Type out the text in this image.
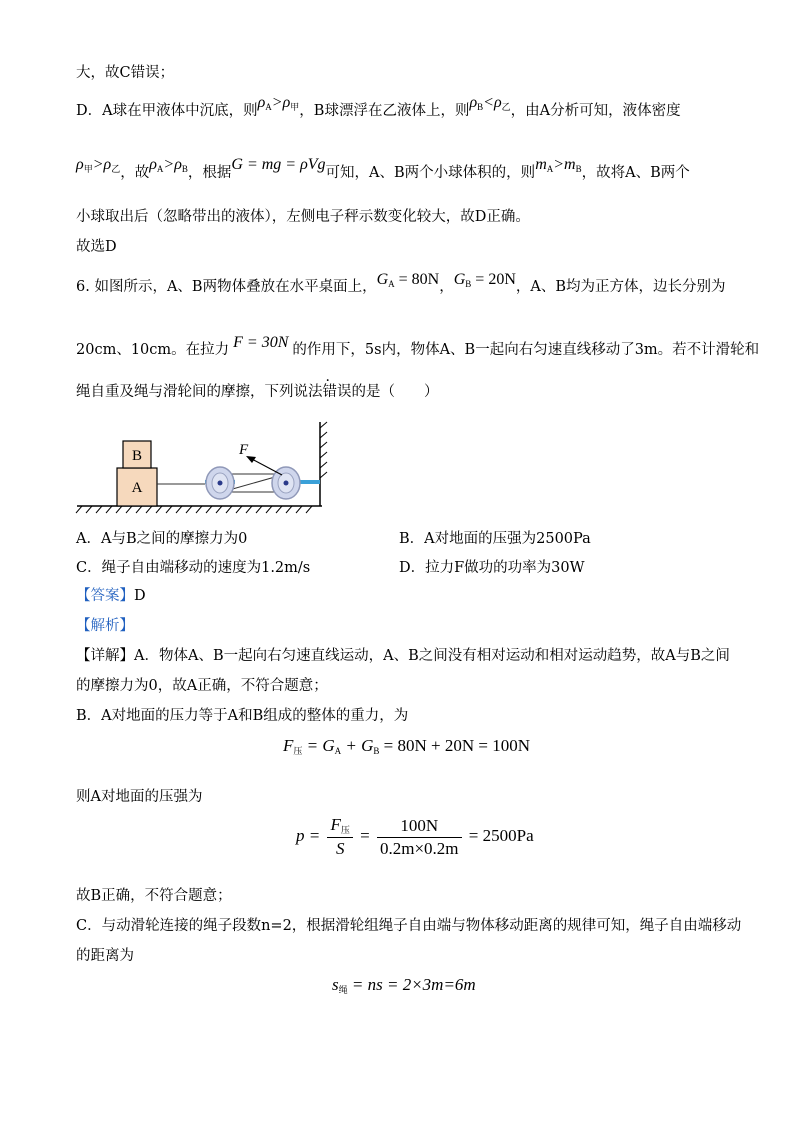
大，故C错误；
D．A球在甲液体中沉底，则$\rho_A>\rho_甲$，B球漂浮在乙液体上，则$\rho_B<\rho_乙$，由A分析可知，液体密度
$\rho_甲>\rho_乙$，故$\rho_A>\rho_B$，根据G = mg = ρVg可知，A、B两个小球体积的，则$m_A>m_B$，故将A、B两个
小球取出后（忽略带出的液体），左侧电子秤示数变化较大，故D正确。
故选D
6. 如图所示，A、B两物体叠放在水平桌面上，$G_A = 80N$，$G_B = 20N$，A、B均为正方体，边长分别为
20cm、10cm。在拉力 F = 30N 的作用下，5s内，物体A、B一起向右匀速直线移动了3m。若不计滑轮和
绳自重及绳与滑轮间的摩擦，下列说法错误的是（　　）
A
B	F
A．A与B之间的摩擦力为0	B．A对地面的压强为2500Pa
C．绳子自由端移动的速度为1.2m/s	D．拉力F做功的功率为30W
【答案】D
【解析】
【详解】A．物体A、B一起向右匀速直线运动，A、B之间没有相对运动和相对运动趋势，故A与B之间
的摩擦力为0，故A正确，不符合题意；
B．A对地面的压力等于A和B组成的整体的重力，为
$F_压 = G_A + G_B = 80N + 20N = 100N$
则A对地面的压强为
$p = \frac{F_压}{S} = \frac{100N}{0.2m\times 0.2m} = 2500Pa$
故B正确，不符合题意；
C．与动滑轮连接的绳子段数n=2，根据滑轮组绳子自由端与物体移动距离的规律可知，绳子自由端移动
的距离为
$s_绳$ = ns = 2×3m=6m
